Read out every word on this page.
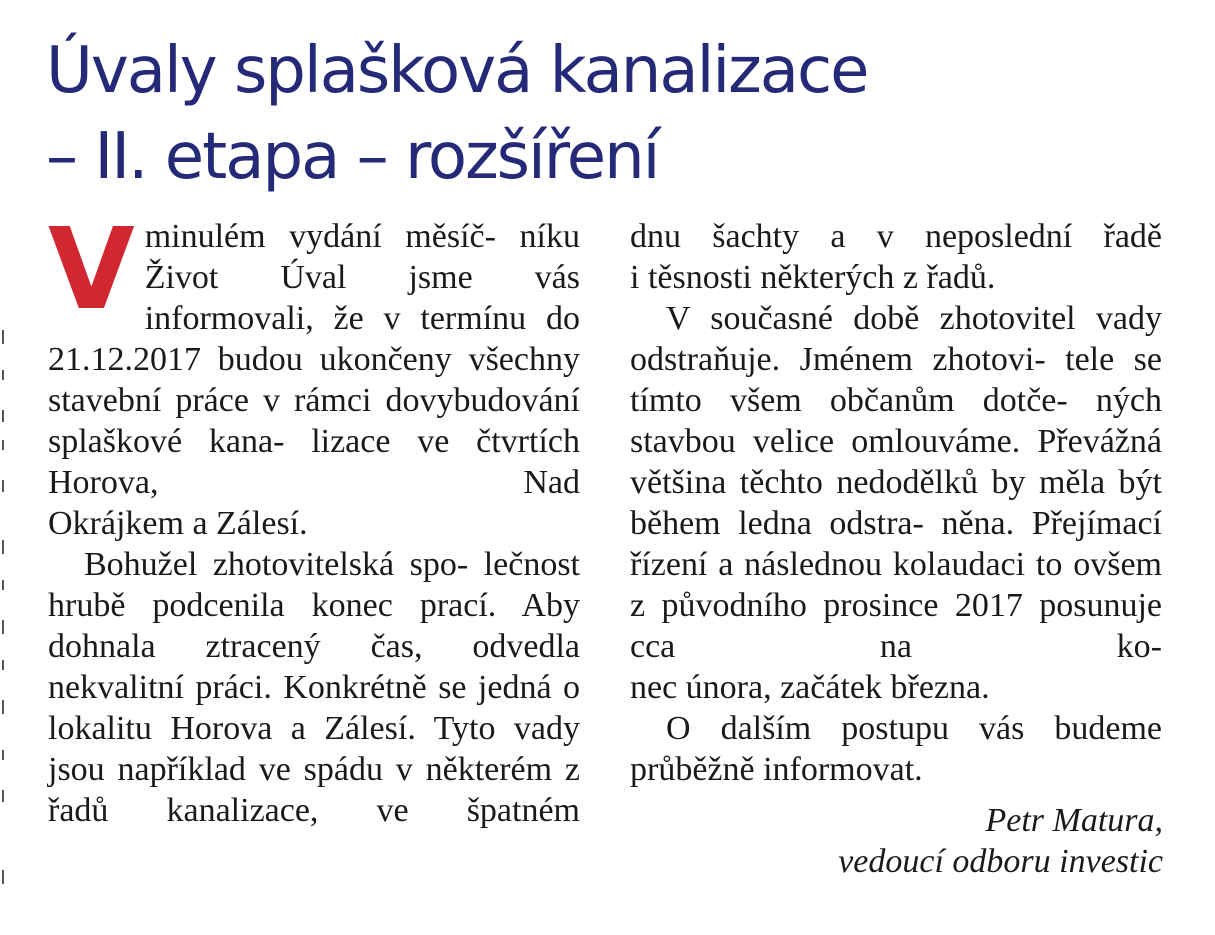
Úvaly splašková kanalizace
– II. etapa – rozšíření

V minulém vydání měsíč- níku Život Úval jsme vás informovali, že v termínu do 21.12.2017 budou ukončeny všechny stavební práce v rámci dovybudování splaškové kana- lizace ve čtvrtích Horova, Nad

Okrájkem a Zálesí.

Bohužel zhotovitelská spo- lečnost hrubě podcenila konec prací. Aby dohnala ztracený čas, odvedla nekvalitní práci. Konkrétně se jedná o lokalitu Horova a Zálesí. Tyto vady jsou například ve spádu v některém z řadů kanalizace, ve špatném

dnu šachty a v neposlední řadě

i těsnosti některých z řadů.

V současné době zhotovitel vady odstraňuje. Jménem zhotovi- tele se tímto všem občanům dotče- ných stavbou velice omlouváme. Převážná většina těchto nedodělků by měla být během ledna odstra- něna. Přejímací řízení a následnou kolaudaci to ovšem z původního prosince 2017 posunuje cca na ko-

nec února, začátek března.

O dalším postupu vás budeme

průběžně informovat.

Petr Matura,
vedoucí odboru investic
